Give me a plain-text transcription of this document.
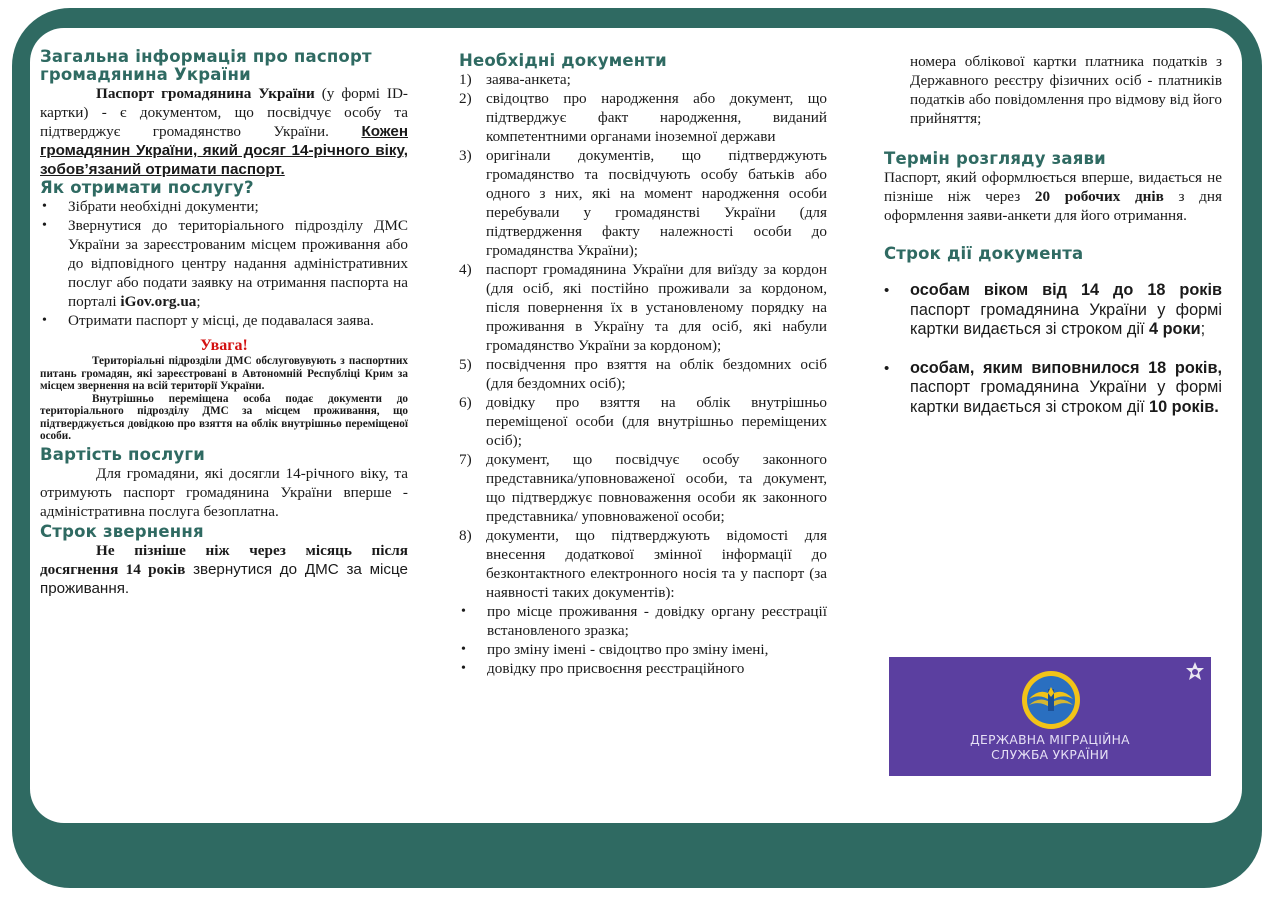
Загальна інформація про паспорт громадянина України

Паспорт громадянина України (у формі ID-картки) - є документом, що посвідчує особу та підтверджує громадянство України. Кожен громадянин України, який досяг 14-річного віку, зобов’язаний отримати паспорт.

Як отримати послугу?
• Зібрати необхідні документи;
• Звернутися до територіального підрозділу ДМС України за зареєстрованим місцем проживання або до відповідного центру надання адміністративних послуг або подати заявку на отримання паспорта на порталі iGov.org.ua;
• Отримати паспорт у місці, де подавалася заява.
Увага!

Територіальні підрозділи ДМС обслуговувують з паспортних питань громадян, які зареєстровані в Автономній Республіці Крим за місцем звернення на всій території України.

Внутрішньо переміщена особа подає документи до територіального підрозділу ДМС за місцем проживання, що підтверджується довідкою про взяття на облік внутрішньо переміщеної особи.

Вартість послуги

Для громадяни, які досягли 14-річного віку, та отримують паспорт громадянина України вперше - адміністративна послуга безоплатна.

Строк звернення

Не пізніше ніж через місяць після досягнення 14 років звернутися до ДМС за місце проживання.

Необхідні документи
1) заява-анкета;
2) свідоцтво про народження або документ, що підтверджує факт народження, виданий компетентними органами іноземної держави
3) оригінали документів, що підтверджують громадянство та посвідчують особу батьків або одного з них, які на момент народження особи перебували у громадянстві України (для підтвердження факту належності особи до громадянства України);
4) паспорт громадянина України для виїзду за кордон (для осіб, які постійно проживали за кордоном, після повернення їх в установленому порядку на проживання в Україну та для осіб, які набули громадянство України за кордоном);
5) посвідчення про взяття на облік бездомних осіб (для бездомних осіб);
6) довідку про взяття на облік внутрішньо переміщеної особи (для внутрішньо переміщених осіб);
7) документ, що посвідчує особу законного представника/уповноваженої особи, та документ, що підтверджує повноваження особи як законного представника/ уповноваженої особи;
8) документи, що підтверджують відомості для внесення додаткової змінної інформації до безконтактного електронного носія та у паспорт (за наявності таких документів):
• про місце проживання - довідку органу реєстрації встановленого зразка;
• про зміну імені - свідоцтво про зміну імені,
• довідку про присвоєння реєстраційного

номера облікової картки платника податків з Державного реєстру фізичних осіб - платників податків або повідомлення про відмову від його прийняття;

Термін розгляду заяви

Паспорт, який оформлюється вперше, видається не пізніше ніж через 20 робочих днів з дня оформлення заяви-анкети для його отримання.

Строк дії документа
• особам віком від 14 до 18 років паспорт громадянина України у формі картки видається зі строком дії 4 роки;
• особам, яким виповнилося 18 років, паспорт громадянина України у формі картки видається зі строком дії 10 років.
ДЕРЖАВНА МІГРАЦІЙНА
СЛУЖБА УКРАЇНИ
